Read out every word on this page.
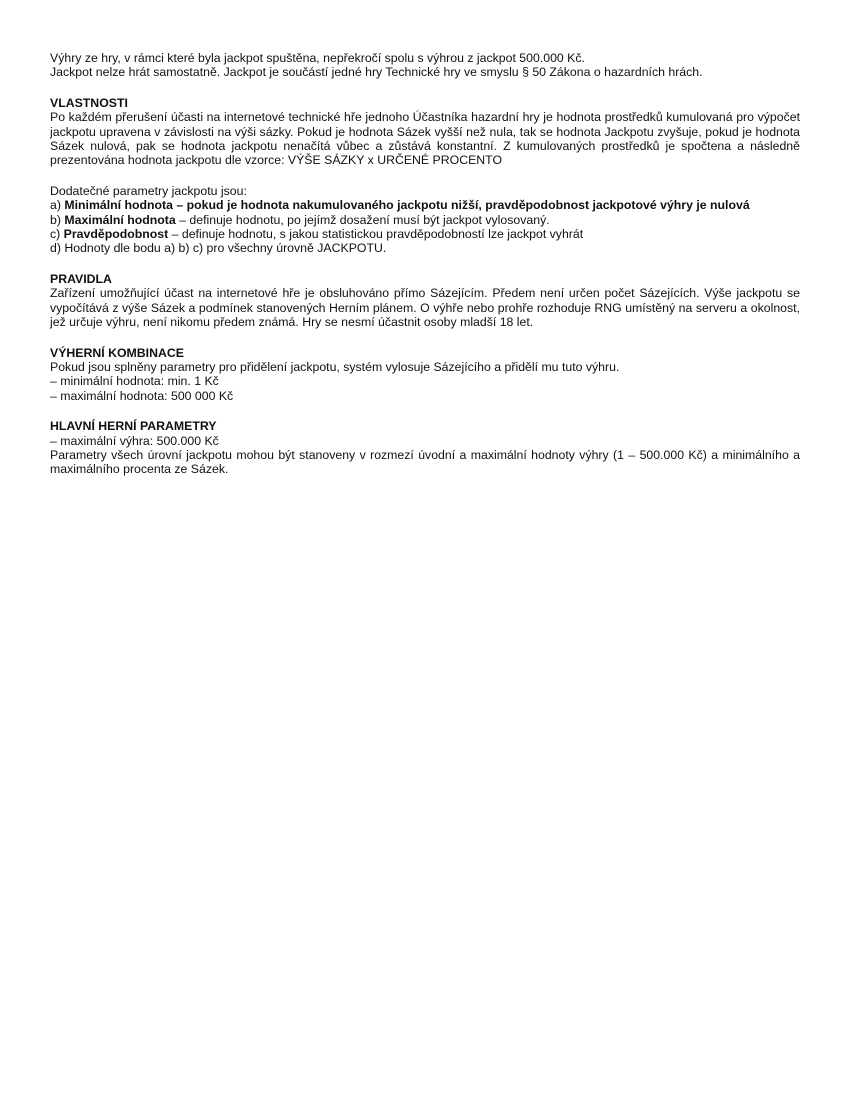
Výhry ze hry, v rámci které byla jackpot spuštěna, nepřekročí spolu s výhrou z jackpot 500.000 Kč.
Jackpot nelze hrát samostatně. Jackpot je součástí jedné hry Technické hry ve smyslu § 50 Zákona o hazardních hrách.

VLASTNOSTI
Po každém přerušení účasti na internetové technické hře jednoho Účastníka hazardní hry je hodnota prostředků kumulovaná pro výpočet jackpotu upravena v závislosti na výši sázky. Pokud je hodnota Sázek vyšší než nula, tak se hodnota Jackpotu zvyšuje, pokud je hodnota Sázek nulová, pak se hodnota jackpotu nenačítá vůbec a zůstává konstantní. Z kumulovaných prostředků je spočtena a následně prezentována hodnota jackpotu dle vzorce: VÝŠE SÁZKY x URČENÉ PROCENTO

Dodatečné parametry jackpotu jsou:
a) Minimální hodnota – pokud je hodnota nakumulovaného jackpotu nižší, pravděpodobnost jackpotové výhry je nulová
b) Maximální hodnota – definuje hodnotu, po jejímž dosažení musí být jackpot vylosovaný.
c) Pravděpodobnost – definuje hodnotu, s jakou statistickou pravděpodobností lze jackpot vyhrát
d) Hodnoty dle bodu a) b) c) pro všechny úrovně JACKPOTU.

PRAVIDLA
Zařízení umožňující účast na internetové hře je obsluhováno přímo Sázejícím. Předem není určen počet Sázejících. Výše jackpotu se vypočítává z výše Sázek a podmínek stanovených Herním plánem. O výhře nebo prohře rozhoduje RNG umístěný na serveru a okolnost, jež určuje výhru, není nikomu předem známá. Hry se nesmí účastnit osoby mladší 18 let.

VÝHERNÍ KOMBINACE
Pokud jsou splněny parametry pro přidělení jackpotu, systém vylosuje Sázejícího a přidělí mu tuto výhru.
– minimální hodnota: min. 1 Kč
– maximální hodnota: 500 000 Kč

HLAVNÍ HERNÍ PARAMETRY
– maximální výhra: 500.000 Kč
Parametry všech úrovní jackpotu mohou být stanoveny v rozmezí úvodní a maximální hodnoty výhry (1 – 500.000 Kč) a minimálního a maximálního procenta ze Sázek.
